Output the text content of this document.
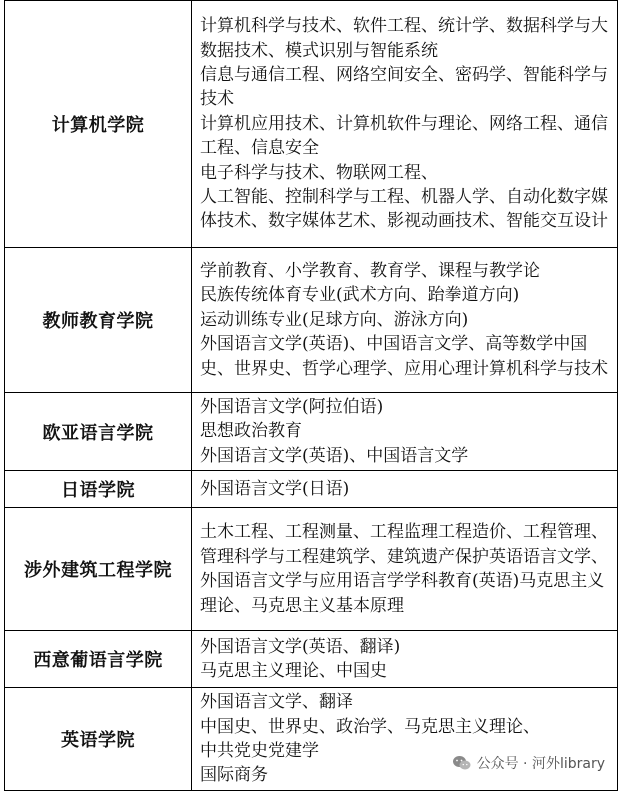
计算机学院	计算机科学与技术、软件工程、统计学、数据科学与大数据技术、模式识别与智能系统
信息与通信工程、网络空间安全、密码学、智能科学与技术
计算机应用技术、计算机软件与理论、网络工程、通信工程、信息安全
电子科学与技术、物联网工程、
人工智能、控制科学与工程、机器人学、自动化数字媒体技术、数字媒体艺术、影视动画技术、智能交互设计

教师教育学院	学前教育、小学教育、教育学、课程与教学论
民族传统体育专业(武术方向、跆拳道方向)
运动训练专业(足球方向、游泳方向)
外国语言文学(英语)、中国语言文学、高等数学中国史、世界史、哲学心理学、应用心理计算机科学与技术

欧亚语言学院	外国语言文学(阿拉伯语)
思想政治教育
外国语言文学(英语)、中国语言文学

日语学院	外国语言文学(日语)

涉外建筑工程学院	土木工程、工程测量、工程监理工程造价、工程管理、管理科学与工程建筑学、建筑遗产保护英语语言文学、外国语言文学与应用语言学学科教育(英语)马克思主义理论、马克思主义基本原理

西意葡语言学院	外国语言文学(英语、翻译)
马克思主义理论、中国史

英语学院	外国语言文学、翻译
中国史、世界史、政治学、马克思主义理论、
中共党史党建学
国际商务
公众号 · 河外library
